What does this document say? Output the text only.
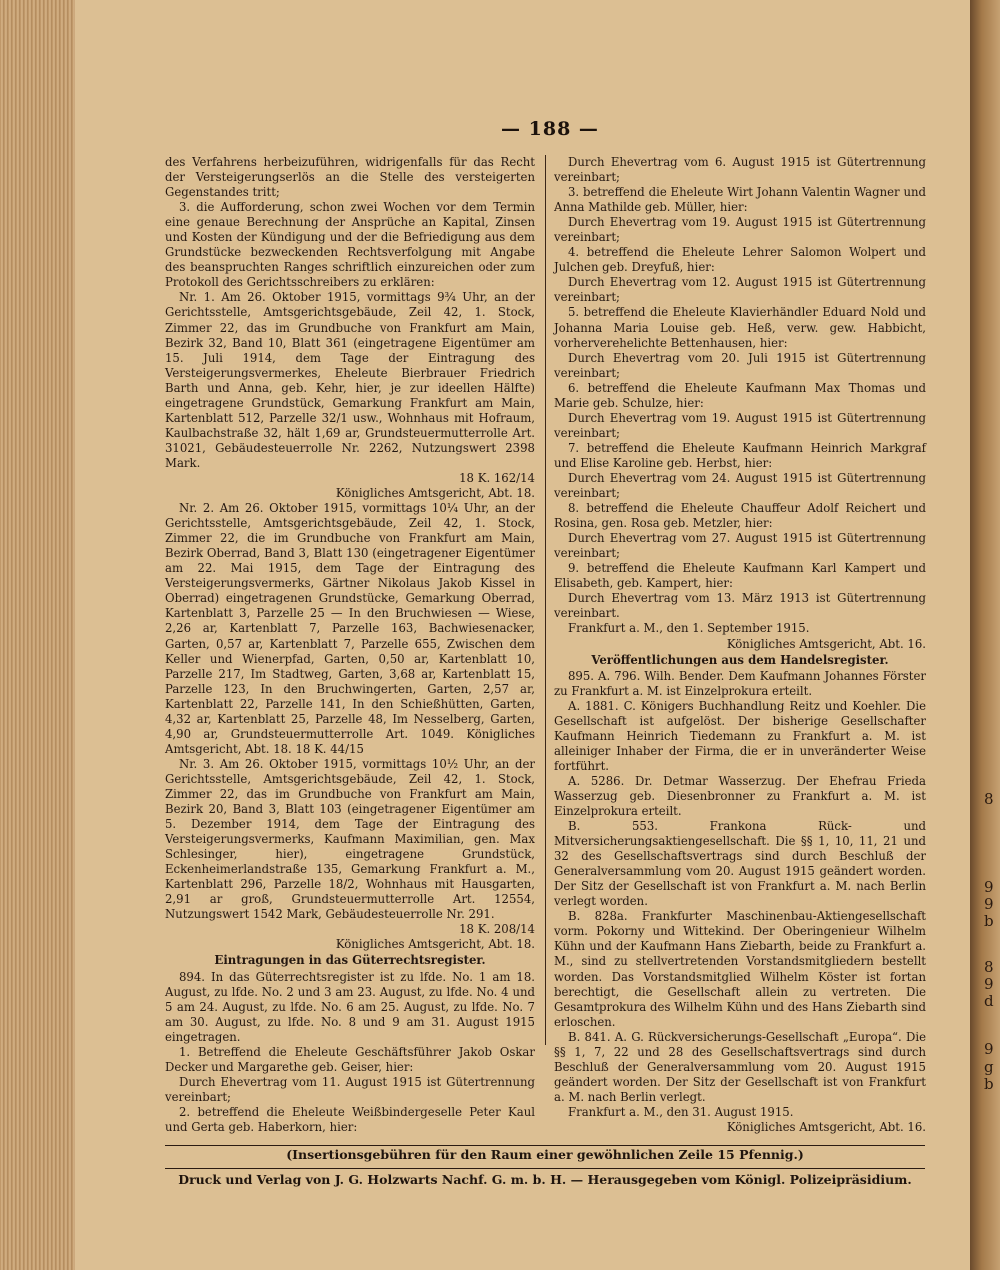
8
9
9
b
8
9
d
9
g
b
— 188 —

des Verfahrens herbeizuführen, widrigenfalls für das Recht der Versteigerungserlös an die Stelle des versteigerten Gegenstandes tritt;

3. die Aufforderung, schon zwei Wochen vor dem Termin eine genaue Berechnung der Ansprüche an Kapital, Zinsen und Kosten der Kündigung und der die Befriedigung aus dem Grundstücke bezweckenden Rechtsverfolgung mit Angabe des beanspruchten Ranges schriftlich einzureichen oder zum Protokoll des Gerichtsschreibers zu erklären:

Nr. 1. Am 26. Oktober 1915, vormittags 9¾ Uhr, an der Gerichtsstelle, Amtsgerichtsgebäude, Zeil 42, 1. Stock, Zimmer 22, das im Grundbuche von Frankfurt am Main, Bezirk 32, Band 10, Blatt 361 (eingetragene Eigentümer am 15. Juli 1914, dem Tage der Eintragung des Versteigerungsvermerkes, Eheleute Bierbrauer Friedrich Barth und Anna, geb. Kehr, hier, je zur ideellen Hälfte) eingetragene Grundstück, Gemarkung Frankfurt am Main, Kartenblatt 512, Parzelle 32/1 usw., Wohnhaus mit Hofraum, Kaulbachstraße 32, hält 1,69 ar, Grundsteuermutterrolle Art. 31021, Gebäudesteuerrolle Nr. 2262, Nutzungswert 2398 Mark.

18 K. 162/14

Königliches Amtsgericht, Abt. 18.

Nr. 2. Am 26. Oktober 1915, vormittags 10¼ Uhr, an der Gerichtsstelle, Amtsgerichtsgebäude, Zeil 42, 1. Stock, Zimmer 22, die im Grundbuche von Frankfurt am Main, Bezirk Oberrad, Band 3, Blatt 130 (eingetragener Eigentümer am 22. Mai 1915, dem Tage der Eintragung des Versteigerungsvermerks, Gärtner Nikolaus Jakob Kissel in Oberrad) eingetragenen Grundstücke, Gemarkung Oberrad, Kartenblatt 3, Parzelle 25 — In den Bruchwiesen — Wiese, 2,26 ar, Kartenblatt 7, Parzelle 163, Bachwiesenacker, Garten, 0,57 ar, Kartenblatt 7, Parzelle 655, Zwischen dem Keller und Wienerpfad, Garten, 0,50 ar, Kartenblatt 10, Parzelle 217, Im Stadtweg, Garten, 3,68 ar, Kartenblatt 15, Parzelle 123, In den Bruchwingerten, Garten, 2,57 ar, Kartenblatt 22, Parzelle 141, In den Schießhütten, Garten, 4,32 ar, Kartenblatt 25, Parzelle 48, Im Nesselberg, Garten, 4,90 ar, Grundsteuermutterrolle Art. 1049. Königliches Amtsgericht, Abt. 18. 18 K. 44/15

Nr. 3. Am 26. Oktober 1915, vormittags 10½ Uhr, an der Gerichtsstelle, Amtsgerichtsgebäude, Zeil 42, 1. Stock, Zimmer 22, das im Grundbuche von Frankfurt am Main, Bezirk 20, Band 3, Blatt 103 (eingetragener Eigentümer am 5. Dezember 1914, dem Tage der Eintragung des Versteigerungsvermerks, Kaufmann Maximilian, gen. Max Schlesinger, hier), eingetragene Grundstück, Eckenheimerlandstraße 135, Gemarkung Frankfurt a. M., Kartenblatt 296, Parzelle 18/2, Wohnhaus mit Hausgarten, 2,91 ar groß, Grundsteuermutterrolle Art. 12554, Nutzungswert 1542 Mark, Gebäudesteuerrolle Nr. 291.

18 K. 208/14

Königliches Amtsgericht, Abt. 18.

Eintragungen in das Güterrechtsregister.

894. In das Güterrechtsregister ist zu lfde. No. 1 am 18. August, zu lfde. No. 2 und 3 am 23. August, zu lfde. No. 4 und 5 am 24. August, zu lfde. No. 6 am 25. August, zu lfde. No. 7 am 30. August, zu lfde. No. 8 und 9 am 31. August 1915 eingetragen.

1. Betreffend die Eheleute Geschäftsführer Jakob Oskar Decker und Margarethe geb. Geiser, hier:

Durch Ehevertrag vom 11. August 1915 ist Gütertrennung vereinbart;

2. betreffend die Eheleute Weißbindergeselle Peter Kaul und Gerta geb. Haberkorn, hier:

Durch Ehevertrag vom 6. August 1915 ist Gütertrennung vereinbart;

3. betreffend die Eheleute Wirt Johann Valentin Wagner und Anna Mathilde geb. Müller, hier:

Durch Ehevertrag vom 19. August 1915 ist Gütertrennung vereinbart;

4. betreffend die Eheleute Lehrer Salomon Wolpert und Julchen geb. Dreyfuß, hier:

Durch Ehevertrag vom 12. August 1915 ist Gütertrennung vereinbart;

5. betreffend die Eheleute Klavierhändler Eduard Nold und Johanna Maria Louise geb. Heß, verw. gew. Habbicht, vorherverehelichte Bettenhausen, hier:

Durch Ehevertrag vom 20. Juli 1915 ist Gütertrennung vereinbart;

6. betreffend die Eheleute Kaufmann Max Thomas und Marie geb. Schulze, hier:

Durch Ehevertrag vom 19. August 1915 ist Gütertrennung vereinbart;

7. betreffend die Eheleute Kaufmann Heinrich Markgraf und Elise Karoline geb. Herbst, hier:

Durch Ehevertrag vom 24. August 1915 ist Gütertrennung vereinbart;

8. betreffend die Eheleute Chauffeur Adolf Reichert und Rosina, gen. Rosa geb. Metzler, hier:

Durch Ehevertrag vom 27. August 1915 ist Gütertrennung vereinbart;

9. betreffend die Eheleute Kaufmann Karl Kampert und Elisabeth, geb. Kampert, hier:

Durch Ehevertrag vom 13. März 1913 ist Gütertrennung vereinbart.

Frankfurt a. M., den 1. September 1915.

Königliches Amtsgericht, Abt. 16.

Veröffentlichungen aus dem Handelsregister.

895. A. 796. Wilh. Bender. Dem Kaufmann Johannes Förster zu Frankfurt a. M. ist Einzelprokura erteilt.

A. 1881. C. Königers Buchhandlung Reitz und Koehler. Die Gesellschaft ist aufgelöst. Der bisherige Gesellschafter Kaufmann Heinrich Tiedemann zu Frankfurt a. M. ist alleiniger Inhaber der Firma, die er in unveränderter Weise fortführt.

A. 5286. Dr. Detmar Wasserzug. Der Ehefrau Frieda Wasserzug geb. Diesenbronner zu Frankfurt a. M. ist Einzelprokura erteilt.

B. 553. Frankona Rück- und Mitversicherungsaktiengesellschaft. Die §§ 1, 10, 11, 21 und 32 des Gesellschaftsvertrags sind durch Beschluß der Generalversammlung vom 20. August 1915 geändert worden. Der Sitz der Gesellschaft ist von Frankfurt a. M. nach Berlin verlegt worden.

B. 828a. Frankfurter Maschinenbau-Aktiengesellschaft vorm. Pokorny und Wittekind. Der Oberingenieur Wilhelm Kühn und der Kaufmann Hans Ziebarth, beide zu Frankfurt a. M., sind zu stellvertretenden Vorstandsmitgliedern bestellt worden. Das Vorstandsmitglied Wilhelm Köster ist fortan berechtigt, die Gesellschaft allein zu vertreten. Die Gesamtprokura des Wilhelm Kühn und des Hans Ziebarth sind erloschen.

B. 841. A. G. Rückversicherungs-Gesellschaft „Europa“. Die §§ 1, 7, 22 und 28 des Gesellschaftsvertrags sind durch Beschluß der Generalversammlung vom 20. August 1915 geändert worden. Der Sitz der Gesellschaft ist von Frankfurt a. M. nach Berlin verlegt.

Frankfurt a. M., den 31. August 1915.

Königliches Amtsgericht, Abt. 16.

(Insertionsgebühren für den Raum einer gewöhnlichen Zeile 15 Pfennig.)
Druck und Verlag von J. G. Holzwarts Nachf. G. m. b. H. — Herausgegeben vom Königl. Polizeipräsidium.
